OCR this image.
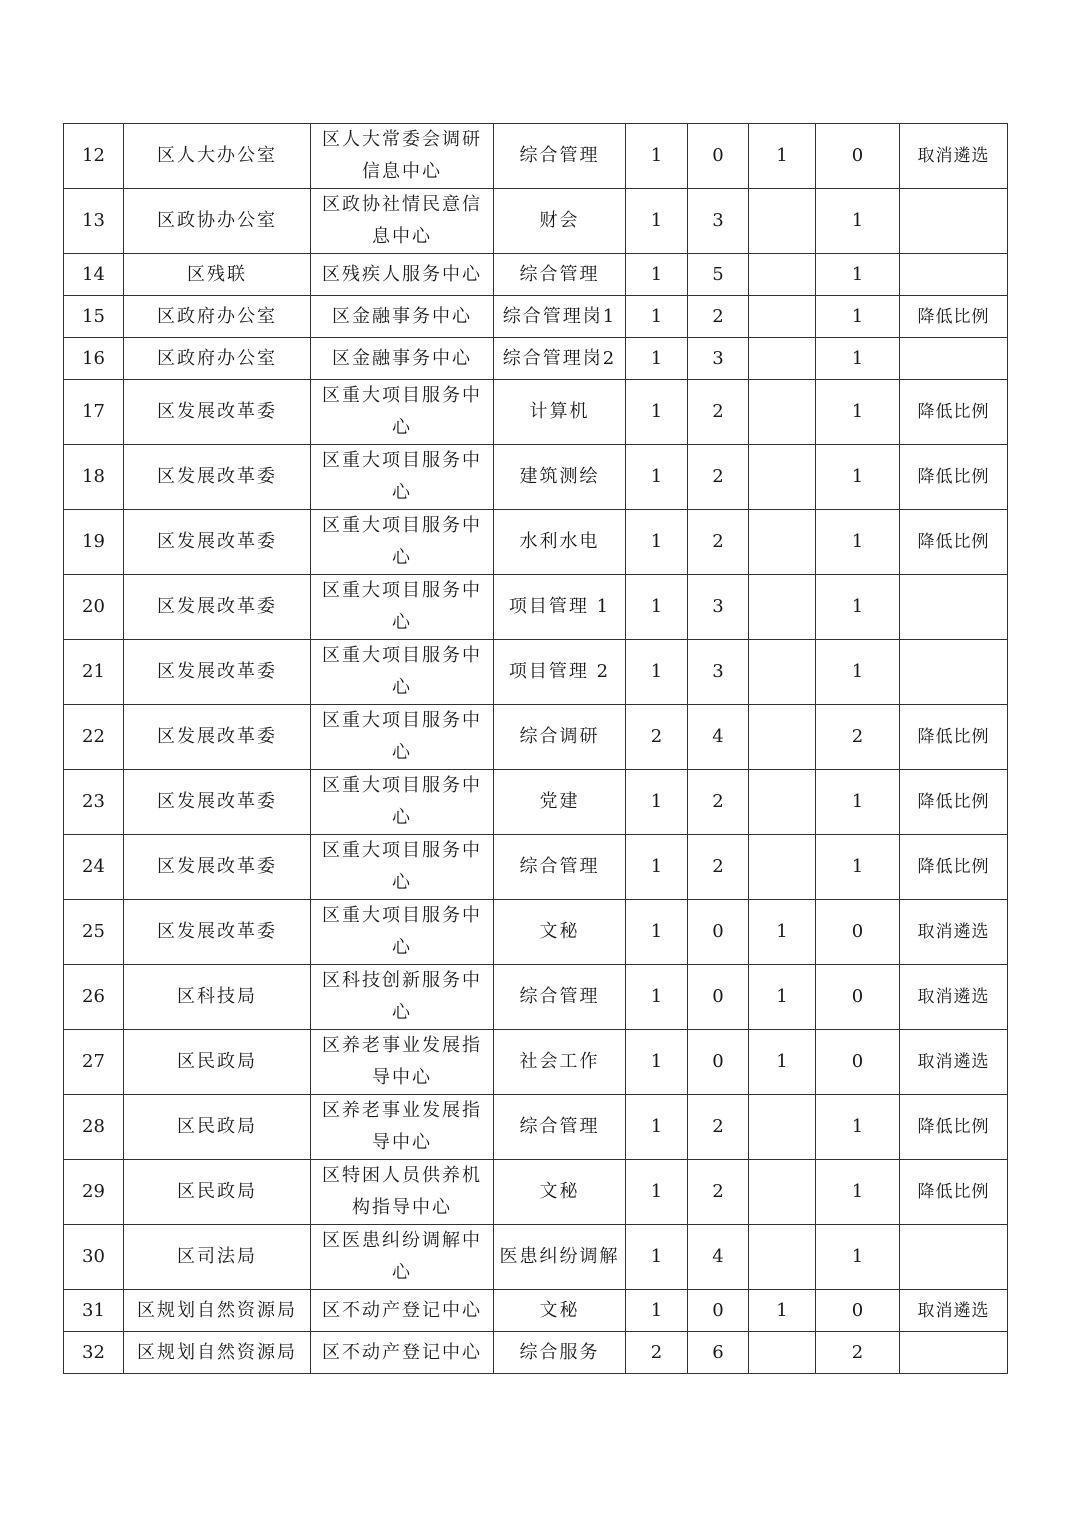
12	区人大办公室	区人大常委会调研信息中心	综合管理	1	0	1	0	取消遴选
13	区政协办公室	区政协社情民意信息中心	财会	1	3		1	
14	区残联	区残疾人服务中心	综合管理	1	5		1	
15	区政府办公室	区金融事务中心	综合管理岗1	1	2		1	降低比例
16	区政府办公室	区金融事务中心	综合管理岗2	1	3		1	
17	区发展改革委	区重大项目服务中心	计算机	1	2		1	降低比例
18	区发展改革委	区重大项目服务中心	建筑测绘	1	2		1	降低比例
19	区发展改革委	区重大项目服务中心	水利水电	1	2		1	降低比例
20	区发展改革委	区重大项目服务中心	项目管理 1	1	3		1	
21	区发展改革委	区重大项目服务中心	项目管理 2	1	3		1	
22	区发展改革委	区重大项目服务中心	综合调研	2	4		2	降低比例
23	区发展改革委	区重大项目服务中心	党建	1	2		1	降低比例
24	区发展改革委	区重大项目服务中心	综合管理	1	2		1	降低比例
25	区发展改革委	区重大项目服务中心	文秘	1	0	1	0	取消遴选
26	区科技局	区科技创新服务中心	综合管理	1	0	1	0	取消遴选
27	区民政局	区养老事业发展指导中心	社会工作	1	0	1	0	取消遴选
28	区民政局	区养老事业发展指导中心	综合管理	1	2		1	降低比例
29	区民政局	区特困人员供养机构指导中心	文秘	1	2		1	降低比例
30	区司法局	区医患纠纷调解中心	医患纠纷调解	1	4		1	
31	区规划自然资源局	区不动产登记中心	文秘	1	0	1	0	取消遴选
32	区规划自然资源局	区不动产登记中心	综合服务	2	6		2	
